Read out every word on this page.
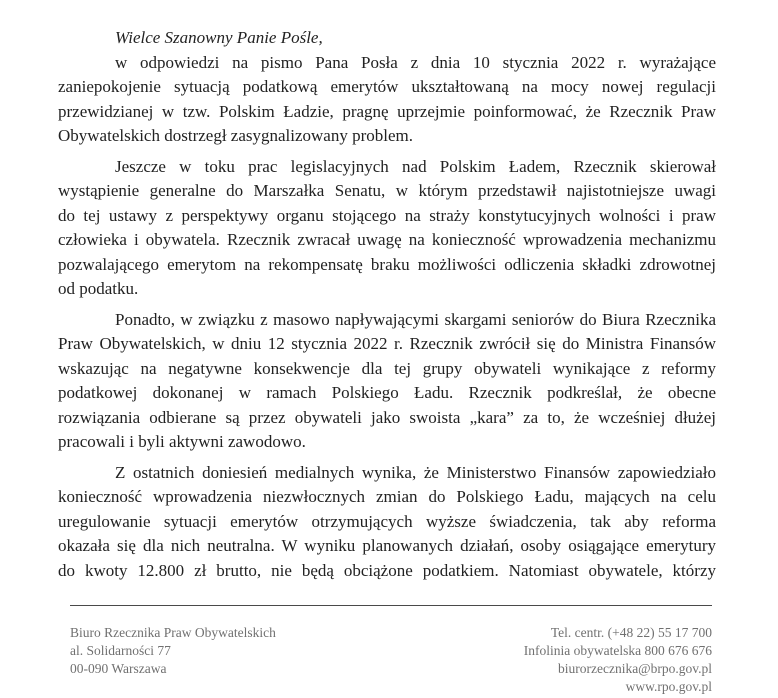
Wielce Szanowny Panie Pośle,
w odpowiedzi na pismo Pana Posła z dnia 10 stycznia 2022 r. wyrażające
zaniepokojenie sytuacją podatkową emerytów ukształtowaną na mocy nowej regulacji
przewidzianej w tzw. Polskim Ładzie, pragnę uprzejmie poinformować, że Rzecznik Praw
Obywatelskich dostrzegł zasygnalizowany problem.
Jeszcze w toku prac legislacyjnych nad Polskim Ładem, Rzecznik skierował
wystąpienie generalne do Marszałka Senatu, w którym przedstawił najistotniejsze uwagi
do tej ustawy z perspektywy organu stojącego na straży konstytucyjnych wolności i praw
człowieka i obywatela. Rzecznik zwracał uwagę na konieczność wprowadzenia mechanizmu
pozwalającego emerytom na rekompensatę braku możliwości odliczenia składki zdrowotnej
od podatku.
Ponadto, w związku z masowo napływającymi skargami seniorów do Biura Rzecznika
Praw Obywatelskich, w dniu 12 stycznia 2022 r. Rzecznik zwrócił się do Ministra Finansów
wskazując na negatywne konsekwencje dla tej grupy obywateli wynikające z reformy
podatkowej dokonanej w ramach Polskiego Ładu. Rzecznik podkreślał, że obecne
rozwiązania odbierane są przez obywateli jako swoista „kara” za to, że wcześniej dłużej
pracowali i byli aktywni zawodowo.
Z ostatnich doniesień medialnych wynika, że Ministerstwo Finansów zapowiedziało
konieczność wprowadzenia niezwłocznych zmian do Polskiego Ładu, mających na celu
uregulowanie sytuacji emerytów otrzymujących wyższe świadczenia, tak aby reforma
okazała się dla nich neutralna. W wyniku planowanych działań, osoby osiągające emerytury
do kwoty 12.800 zł brutto, nie będą obciążone podatkiem. Natomiast obywatele, którzy
Biuro Rzecznika Praw Obywatelskich
al. Solidarności 77
00-090 Warszawa
Tel. centr. (+48 22) 55 17 700
Infolinia obywatelska 800 676 676
biurorzecznika@brpo.gov.pl
www.rpo.gov.pl
